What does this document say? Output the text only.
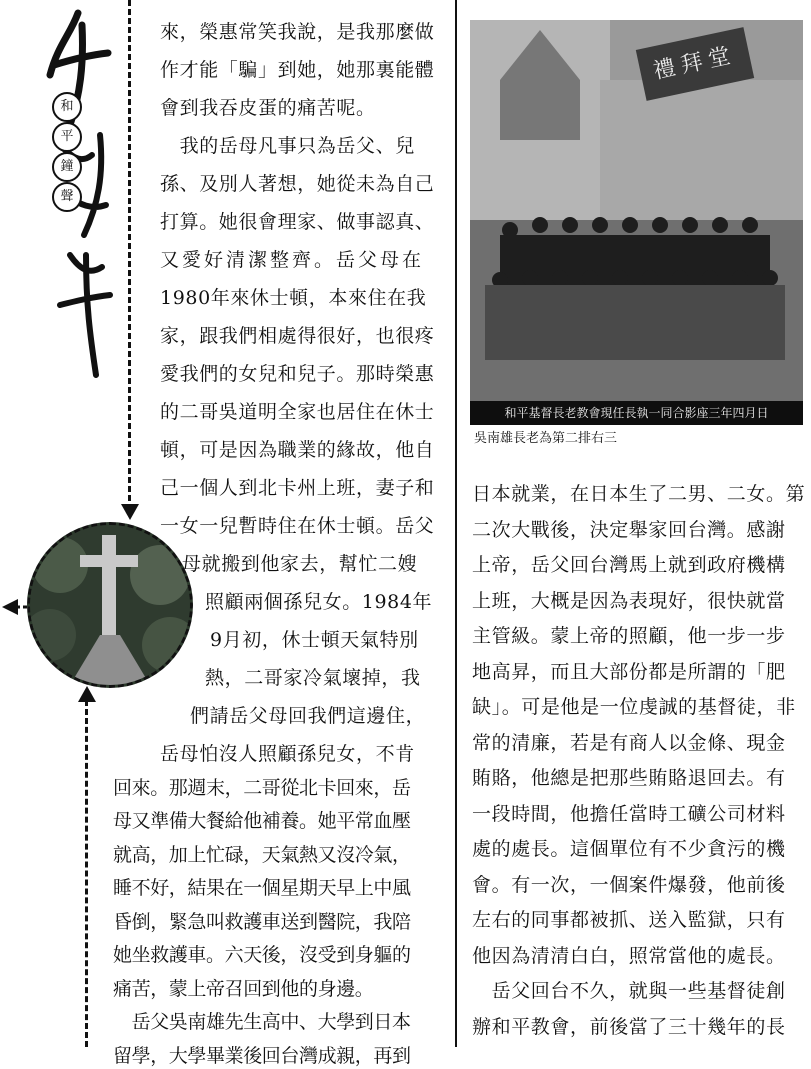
和
平
鐘
聲
來，榮惠常笑我說，是我那麼做
作才能「騙」到她，她那裏能體
會到我吞皮蛋的痛苦呢。
　我的岳母凡事只為岳父、兒
孫、及別人著想，她從未為自己
打算。她很會理家、做事認真、
又愛好清潔整齊。岳父母在
1980年來休士頓，本來住在我
家，跟我們相處得很好，也很疼
愛我們的女兒和兒子。那時榮惠
的二哥吳道明全家也居住在休士
頓，可是因為職業的緣故，他自
己一個人到北卡州上班，妻子和
一女一兒暫時住在休士頓。岳父
母就搬到他家去，幫忙二嫂
照顧兩個孫兒女。1984年
9月初，休士頓天氣特別
熱，二哥家冷氣壞掉，我
們請岳父母回我們這邊住，
岳母怕沒人照顧孫兒女，不肯
回來。那週末，二哥從北卡回來，岳
母又準備大餐給他補養。她平常血壓
就高，加上忙碌，天氣熱又沒冷氣，
睡不好，結果在一個星期天早上中風
昏倒，緊急叫救護車送到醫院，我陪
她坐救護車。六天後，沒受到身軀的
痛苦，蒙上帝召回到他的身邊。
　岳父吳南雄先生高中、大學到日本
禮拜堂
和平基督長老教會現任長執一同合影座三年四月日
吳南雄長老為第二排右三
日本就業，在日本生了二男、二女。第
二次大戰後，決定舉家回台灣。感謝
上帝，岳父回台灣馬上就到政府機構
上班，大概是因為表現好，很快就當
主管級。蒙上帝的照顧，他一步一步
地高昇，而且大部份都是所謂的「肥
缺」。可是他是一位虔誠的基督徒，非
常的清廉，若是有商人以金條、現金
賄賂，他總是把那些賄賂退回去。有
一段時間，他擔任當時工礦公司材料
處的處長。這個單位有不少貪污的機
會。有一次，一個案件爆發，他前後
左右的同事都被抓、送入監獄，只有
他因為清清白白，照常當他的處長。
　岳父回台不久，就與一些基督徒創
辦和平教會，前後當了三十幾年的長
留學，大學畢業後回台灣成親，再到
